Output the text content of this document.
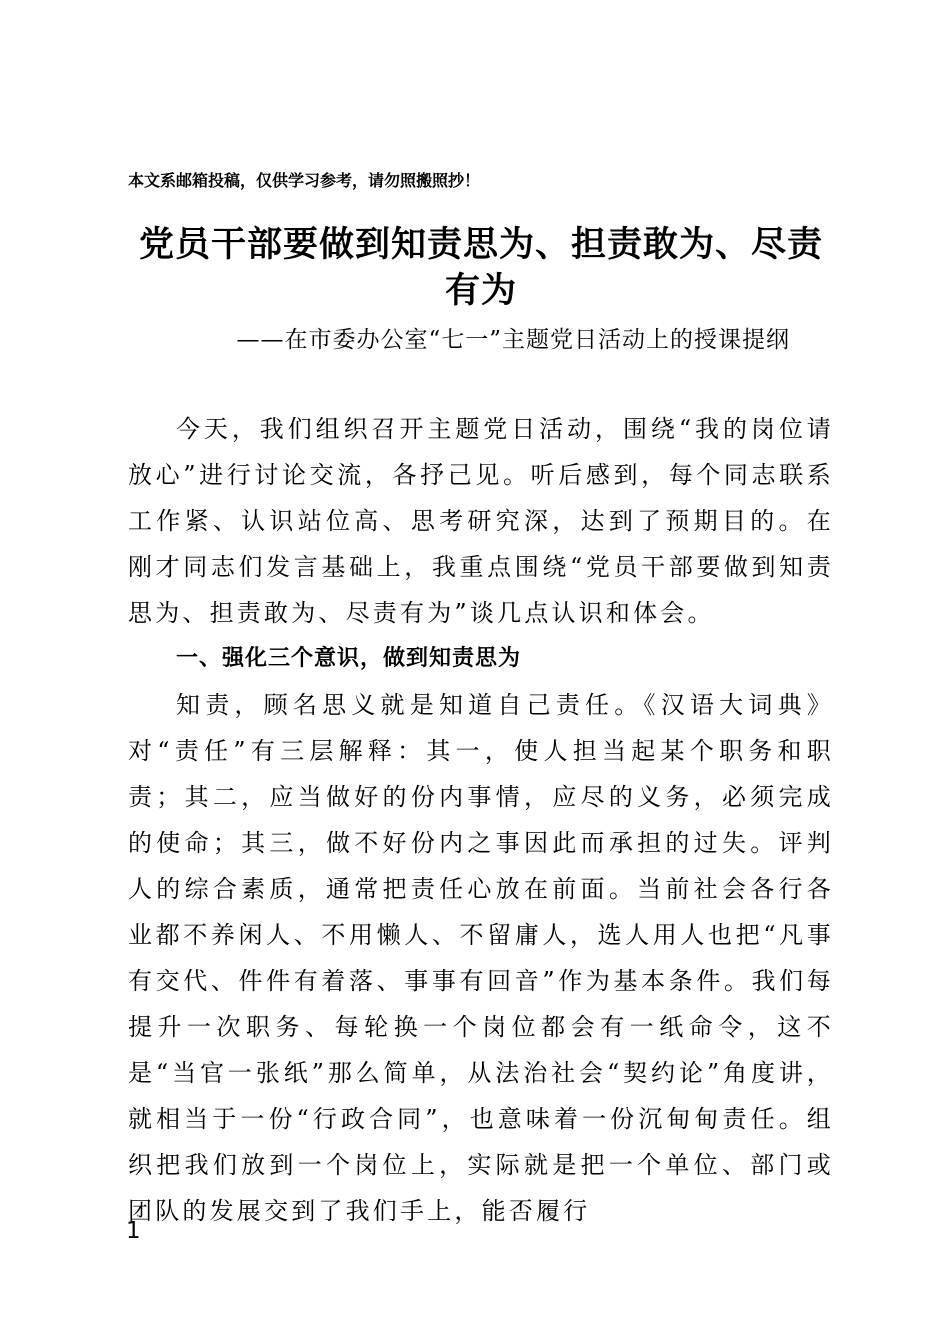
本文系邮箱投稿，仅供学习参考，请勿照搬照抄！
党员干部要做到知责思为、担责敢为、尽责有为
——在市委办公室“七一”主题党日活动上的授课提纲

今天，我们组织召开主题党日活动，围绕“我的岗位请放心”进行讨论交流，各抒己见。听后感到，每个同志联系工作紧、认识站位高、思考研究深，达到了预期目的。在刚才同志们发言基础上，我重点围绕“党员干部要做到知责思为、担责敢为、尽责有为”谈几点认识和体会。

一、强化三个意识，做到知责思为

知责，顾名思义就是知道自己责任。《汉语大词典》对“责任”有三层解释：其一，使人担当起某个职务和职责；其二，应当做好的份内事情，应尽的义务，必须完成的使命；其三，做不好份内之事因此而承担的过失。评判人的综合素质，通常把责任心放在前面。当前社会各行各业都不养闲人、不用懒人、不留庸人，选人用人也把“凡事有交代、件件有着落、事事有回音”作为基本条件。我们每提升一次职务、每轮换一个岗位都会有一纸命令，这不是“当官一张纸”那么简单，从法治社会“契约论”角度讲，就相当于一份“行政合同”，也意味着一份沉甸甸责任。组织把我们放到一个岗位上，实际就是把一个单位、部门或团队的发展交到了我们手上，能否履行

1
